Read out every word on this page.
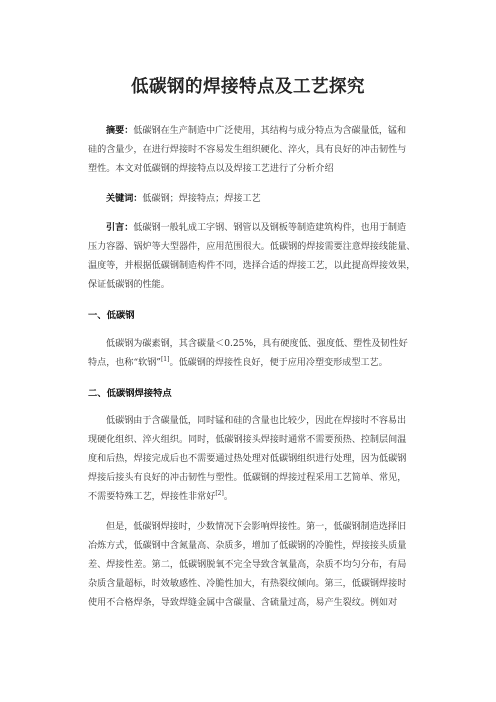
低碳钢的焊接特点及工艺探究
摘要：低碳钢在生产制造中广泛使用，其结构与成分特点为含碳量低，锰和
硅的含量少，在进行焊接时不容易发生组织硬化、淬火，具有良好的冲击韧性与
塑性。本文对低碳钢的焊接特点以及焊接工艺进行了分析介绍
关键词：低碳钢；焊接特点；焊接工艺
引言：低碳钢一般轧成工字钢、钢管以及钢板等制造建筑构件，也用于制造
压力容器、锅炉等大型器件，应用范围很大。低碳钢的焊接需要注意焊接线能量、
温度等，并根据低碳钢制造构件不同，选择合适的焊接工艺，以此提高焊接效果，
保证低碳钢的性能。
一、低碳钢
低碳钢为碳素钢，其含碳量＜0.25%，具有硬度低、强度低、塑性及韧性好
特点，也称“软钢”[1]。低碳钢的焊接性良好，便于应用冷塑变形成型工艺。
二、低碳钢焊接特点
低碳钢由于含碳量低，同时锰和硅的含量也比较少，因此在焊接时不容易出
现硬化组织、淬火组织。同时，低碳钢接头焊接时通常不需要预热、控制层间温
度和后热，焊接完成后也不需要通过热处理对低碳钢组织进行处理，因为低碳钢
焊接后接头有良好的冲击韧性与塑性。低碳钢的焊接过程采用工艺简单、常见，
不需要特殊工艺，焊接性非常好[2]。
但是，低碳钢焊接时，少数情况下会影响焊接性。第一，低碳钢制造选择旧
冶炼方式，低碳钢中含氮量高、杂质多，增加了低碳钢的冷脆性，焊接接头质量
差、焊接性差。第二，低碳钢脱氧不完全导致含氧量高，杂质不均匀分布，有局
杂质含量超标，时效敏感性、冷脆性加大，有热裂纹倾向。第三，低碳钢焊接时
使用不合格焊条，导致焊缝金属中含碳量、含硫量过高，易产生裂纹。例如对
